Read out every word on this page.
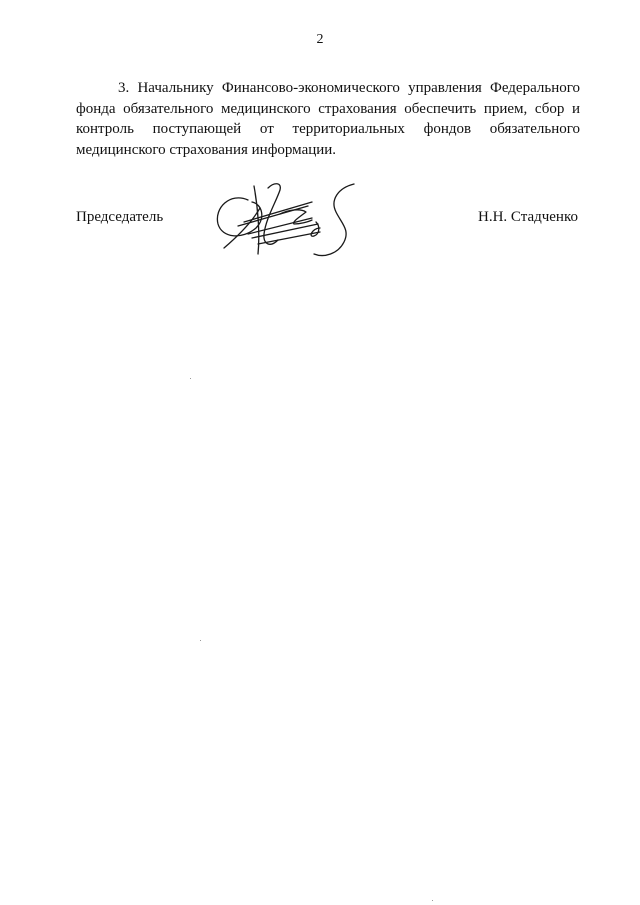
2

3. Начальнику Финансово-экономического управления Федерального фонда обязательного медицинского страхования обеспечить прием, сбор и контроль поступающей от территориальных фондов обязательного медицинского страхования информации.

Председатель	Н.Н. Стадченко
